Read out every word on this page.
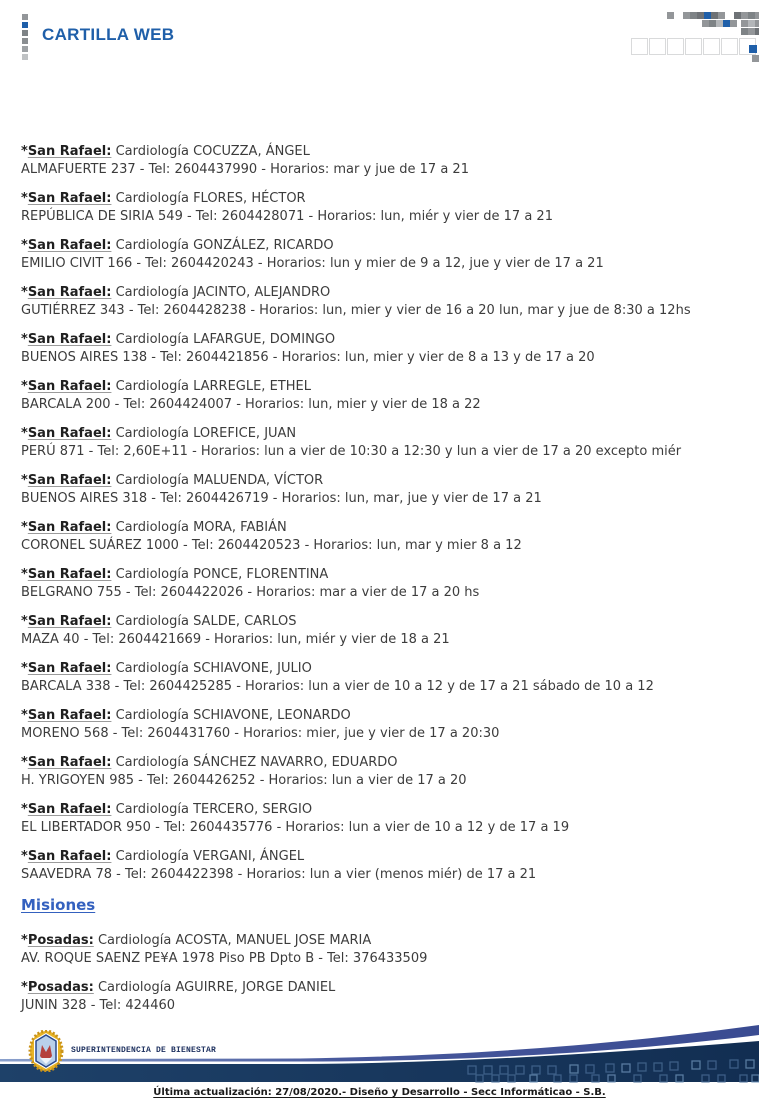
CARTILLA WEB
*San Rafael: Cardiología COCUZZA, ÁNGEL
ALMAFUERTE 237 - Tel: 2604437990 - Horarios: mar y jue de 17 a 21
*San Rafael: Cardiología FLORES, HÉCTOR
REPÚBLICA DE SIRIA 549 - Tel: 2604428071 - Horarios: lun, miér y vier de 17 a 21
*San Rafael: Cardiología GONZÁLEZ, RICARDO
EMILIO CIVIT 166 - Tel: 2604420243 - Horarios: lun y mier de 9 a 12, jue y vier de 17 a 21
*San Rafael: Cardiología JACINTO, ALEJANDRO
GUTIÉRREZ 343 - Tel: 2604428238 - Horarios: lun, mier y vier de 16 a 20 lun, mar y jue de 8:30 a 12hs
*San Rafael: Cardiología LAFARGUE, DOMINGO
BUENOS AIRES 138 - Tel: 2604421856 - Horarios: lun, mier y vier de 8 a 13 y de 17 a 20
*San Rafael: Cardiología LARREGLE, ETHEL
BARCALA 200 - Tel: 2604424007 - Horarios: lun, mier y vier de 18 a 22
*San Rafael: Cardiología LOREFICE, JUAN
PERÚ 871 - Tel: 2,60E+11 - Horarios: lun a vier de 10:30 a 12:30 y lun a vier de 17 a 20 excepto miér
*San Rafael: Cardiología MALUENDA, VÍCTOR
BUENOS AIRES 318 - Tel: 2604426719 - Horarios: lun, mar, jue y vier de 17 a 21
*San Rafael: Cardiología MORA, FABIÁN
CORONEL SUÁREZ 1000 - Tel: 2604420523 - Horarios: lun, mar y mier 8 a 12
*San Rafael: Cardiología PONCE, FLORENTINA
BELGRANO 755 - Tel: 2604422026 - Horarios: mar a vier de 17 a 20 hs
*San Rafael: Cardiología SALDE, CARLOS
MAZA 40 - Tel: 2604421669 - Horarios: lun, miér y vier de 18 a 21
*San Rafael: Cardiología SCHIAVONE, JULIO
BARCALA 338 - Tel: 2604425285 - Horarios: lun a vier de 10 a 12 y de 17 a 21 sábado de 10 a 12
*San Rafael: Cardiología SCHIAVONE, LEONARDO
MORENO 568 - Tel: 2604431760 - Horarios: mier, jue y vier de 17 a 20:30
*San Rafael: Cardiología SÁNCHEZ NAVARRO, EDUARDO
H. YRIGOYEN 985 - Tel: 2604426252 - Horarios: lun a vier de 17 a 20
*San Rafael: Cardiología TERCERO, SERGIO
EL LIBERTADOR 950 - Tel: 2604435776 - Horarios: lun a vier de 10 a 12 y de 17 a 19
*San Rafael: Cardiología VERGANI, ÁNGEL
SAAVEDRA 78 - Tel: 2604422398 - Horarios: lun a vier (menos miér) de 17 a 21
Misiones
*Posadas: Cardiología ACOSTA, MANUEL JOSE MARIA
AV. ROQUE SAENZ PE¥A 1978 Piso PB Dpto B - Tel: 376433509
*Posadas: Cardiología AGUIRRE, JORGE DANIEL
JUNIN 328 - Tel: 424460
SUPERINTENDENCIA DE BIENESTAR
Última actualización: 27/08/2020.- Diseño y Desarrollo - Secc Informáticao - S.B.
